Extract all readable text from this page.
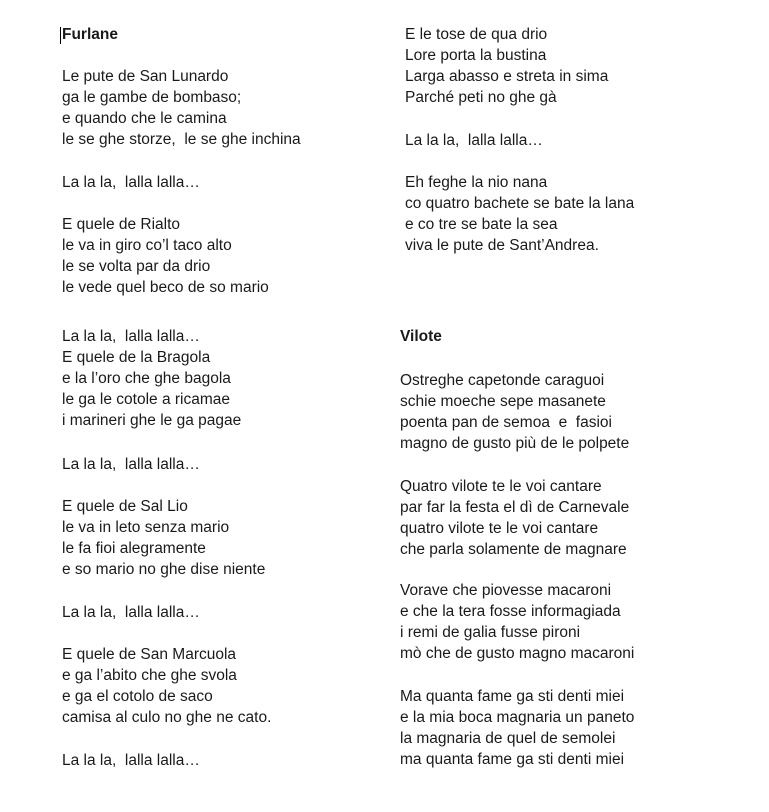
Furlane
Le pute de San Lunardo
ga le gambe de bombaso;
e quando che le camina
le se ghe storze,  le se ghe inchina
La la la,  lalla lalla…
E quele de Rialto
le va in giro co’l taco alto
le se volta par da drio
le vede quel beco de so mario
La la la,  lalla lalla…
E quele de la Bragola
e la l’oro che ghe bagola
le ga le cotole a ricamae
i marineri ghe le ga pagae
La la la,  lalla lalla…
E quele de Sal Lio
le va in leto senza mario
le fa fioi alegramente
e so mario no ghe dise niente
La la la,  lalla lalla…
E quele de San Marcuola
e ga l’abito che ghe svola
e ga el cotolo de saco
camisa al culo no ghe ne cato.
La la la,  lalla lalla…
E le tose de qua drio
Lore porta la bustina
Larga abasso e streta in sima
Parché peti no ghe gà
La la la,  lalla lalla…
Eh feghe la nio nana
co quatro bachete se bate la lana
e co tre se bate la sea
viva le pute de Sant’Andrea.
Vilote
Ostreghe capetonde caraguoi
schie moeche sepe masanete
poenta pan de semoa  e  fasioi
magno de gusto più de le polpete
Quatro vilote te le voi cantare
par far la festa el dì de Carnevale
quatro vilote te le voi cantare
che parla solamente de magnare
Vorave che piovesse macaroni
e che la tera fosse informagiada
i remi de galia fusse pironi
mò che de gusto magno macaroni
Ma quanta fame ga sti denti miei
e la mia boca magnaria un paneto
la magnaria de quel de semolei
ma quanta fame ga sti denti miei
